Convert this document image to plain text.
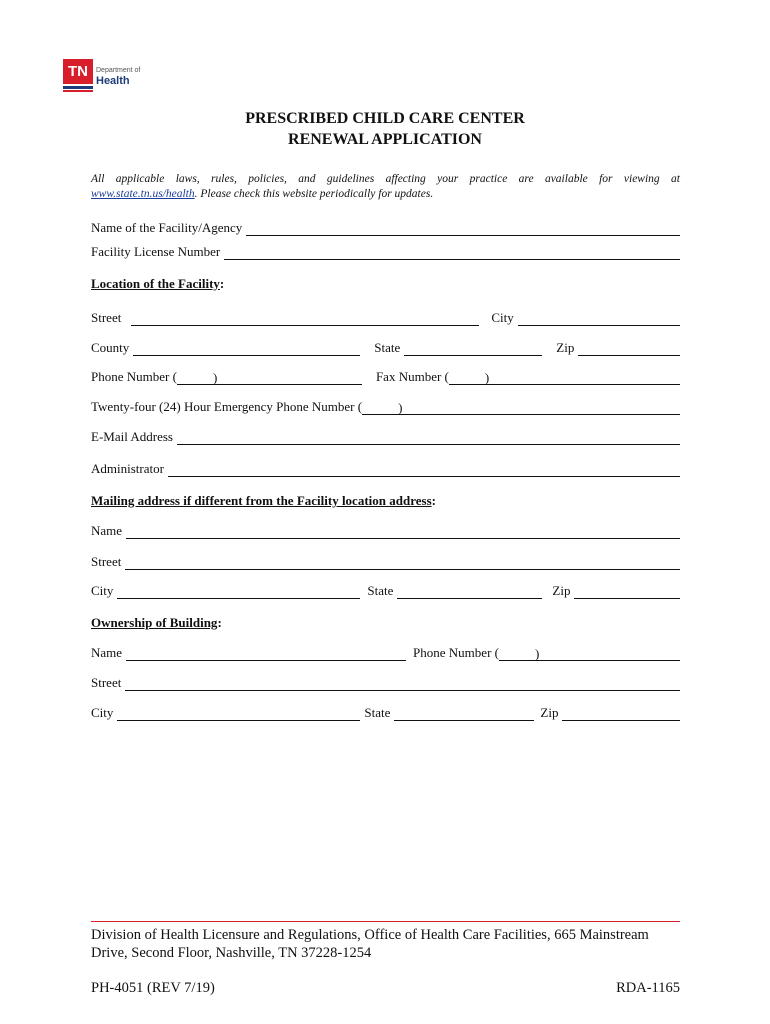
TN	Department of
Health
PRESCRIBED CHILD CARE CENTER
RENEWAL APPLICATION
All applicable laws, rules, policies, and guidelines affecting your practice are available for viewing at
www.state.tn.us/health. Please check this website periodically for updates.
Name of the Facility/Agency
Facility License Number
Location of the Facility:
Street	City
County	State	Zip
Phone Number (	)	Fax Number (	)
Twenty-four (24) Hour Emergency Phone Number (	)
E-Mail Address
Administrator
Mailing address if different from the Facility location address:
Name
Street
City	State	Zip
Ownership of Building:
Name	Phone Number (	)
Street
City	State	Zip
Division of Health Licensure and Regulations, Office of Health Care Facilities, 665 Mainstream
Drive, Second Floor, Nashville, TN 37228-1254
PH-4051 (REV 7/19)	RDA-1165
